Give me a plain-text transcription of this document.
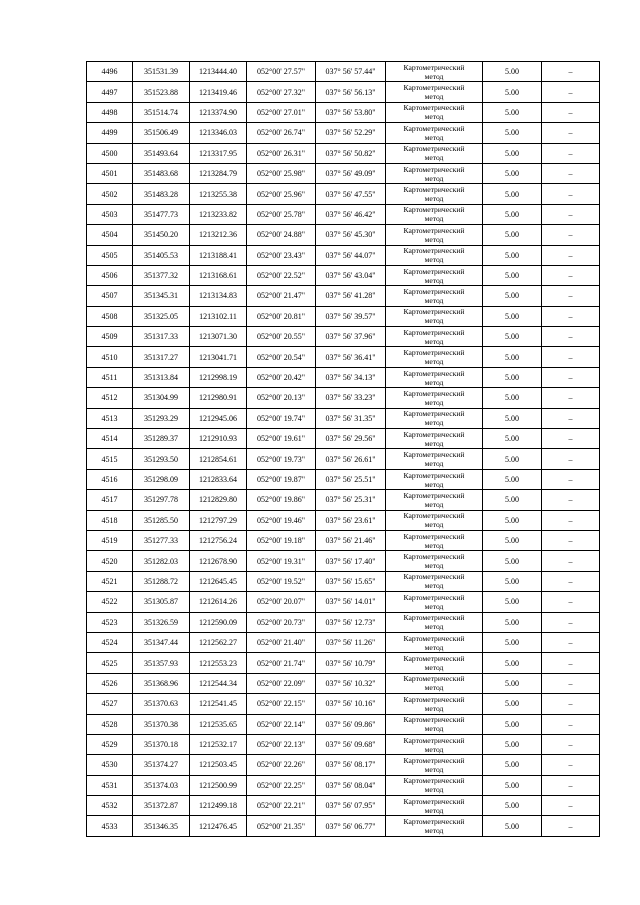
4496	351531.39	1213444.40	052°00' 27.57"	037° 56' 57.44"	Картометрический
метод	5.00	–
4497	351523.88	1213419.46	052°00' 27.32"	037° 56' 56.13"	Картометрический
метод	5.00	–
4498	351514.74	1213374.90	052°00' 27.01"	037° 56' 53.80"	Картометрический
метод	5.00	–
4499	351506.49	1213346.03	052°00' 26.74"	037° 56' 52.29"	Картометрический
метод	5.00	–
4500	351493.64	1213317.95	052°00' 26.31"	037° 56' 50.82"	Картометрический
метод	5.00	–
4501	351483.68	1213284.79	052°00' 25.98"	037° 56' 49.09"	Картометрический
метод	5.00	–
4502	351483.28	1213255.38	052°00' 25.96"	037° 56' 47.55"	Картометрический
метод	5.00	–
4503	351477.73	1213233.82	052°00' 25.78"	037° 56' 46.42"	Картометрический
метод	5.00	–
4504	351450.20	1213212.36	052°00' 24.88"	037° 56' 45.30"	Картометрический
метод	5.00	–
4505	351405.53	1213188.41	052°00' 23.43"	037° 56' 44.07"	Картометрический
метод	5.00	–
4506	351377.32	1213168.61	052°00' 22.52"	037° 56' 43.04"	Картометрический
метод	5.00	–
4507	351345.31	1213134.83	052°00' 21.47"	037° 56' 41.28"	Картометрический
метод	5.00	–
4508	351325.05	1213102.11	052°00' 20.81"	037° 56' 39.57"	Картометрический
метод	5.00	–
4509	351317.33	1213071.30	052°00' 20.55"	037° 56' 37.96"	Картометрический
метод	5.00	–
4510	351317.27	1213041.71	052°00' 20.54"	037° 56' 36.41"	Картометрический
метод	5.00	–
4511	351313.84	1212998.19	052°00' 20.42"	037° 56' 34.13"	Картометрический
метод	5.00	–
4512	351304.99	1212980.91	052°00' 20.13"	037° 56' 33.23"	Картометрический
метод	5.00	–
4513	351293.29	1212945.06	052°00' 19.74"	037° 56' 31.35"	Картометрический
метод	5.00	–
4514	351289.37	1212910.93	052°00' 19.61"	037° 56' 29.56"	Картометрический
метод	5.00	–
4515	351293.50	1212854.61	052°00' 19.73"	037° 56' 26.61"	Картометрический
метод	5.00	–
4516	351298.09	1212833.64	052°00' 19.87"	037° 56' 25.51"	Картометрический
метод	5.00	–
4517	351297.78	1212829.80	052°00' 19.86"	037° 56' 25.31"	Картометрический
метод	5.00	–
4518	351285.50	1212797.29	052°00' 19.46"	037° 56' 23.61"	Картометрический
метод	5.00	–
4519	351277.33	1212756.24	052°00' 19.18"	037° 56' 21.46"	Картометрический
метод	5.00	–
4520	351282.03	1212678.90	052°00' 19.31"	037° 56' 17.40"	Картометрический
метод	5.00	–
4521	351288.72	1212645.45	052°00' 19.52"	037° 56' 15.65"	Картометрический
метод	5.00	–
4522	351305.87	1212614.26	052°00' 20.07"	037° 56' 14.01"	Картометрический
метод	5.00	–
4523	351326.59	1212590.09	052°00' 20.73"	037° 56' 12.73"	Картометрический
метод	5.00	–
4524	351347.44	1212562.27	052°00' 21.40"	037° 56' 11.26"	Картометрический
метод	5.00	–
4525	351357.93	1212553.23	052°00' 21.74"	037° 56' 10.79"	Картометрический
метод	5.00	–
4526	351368.96	1212544.34	052°00' 22.09"	037° 56' 10.32"	Картометрический
метод	5.00	–
4527	351370.63	1212541.45	052°00' 22.15"	037° 56' 10.16"	Картометрический
метод	5.00	–
4528	351370.38	1212535.65	052°00' 22.14"	037° 56' 09.86"	Картометрический
метод	5.00	–
4529	351370.18	1212532.17	052°00' 22.13"	037° 56' 09.68"	Картометрический
метод	5.00	–
4530	351374.27	1212503.45	052°00' 22.26"	037° 56' 08.17"	Картометрический
метод	5.00	–
4531	351374.03	1212500.99	052°00' 22.25"	037° 56' 08.04"	Картометрический
метод	5.00	–
4532	351372.87	1212499.18	052°00' 22.21"	037° 56' 07.95"	Картометрический
метод	5.00	–
4533	351346.35	1212476.45	052°00' 21.35"	037° 56' 06.77"	Картометрический
метод	5.00	–
